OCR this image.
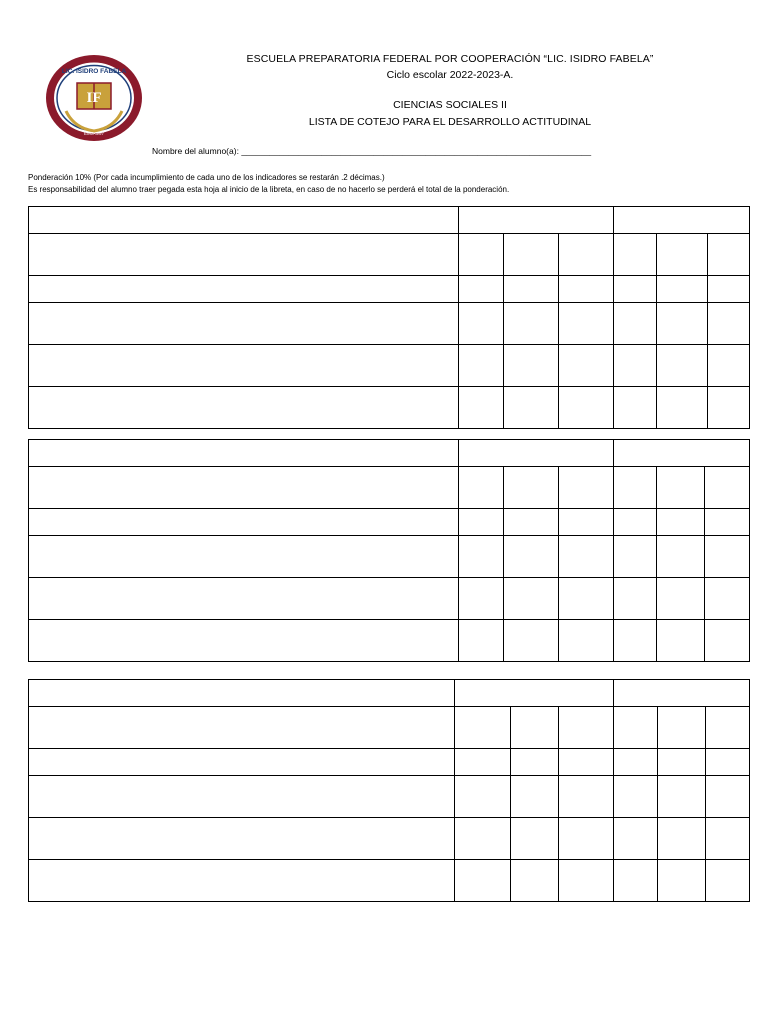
IF
LIC. ISIDRO FABELA
EMS-3/97
ESCUELA PREPARATORIA FEDERAL POR COOPERACIÓN “LIC. ISIDRO FABELA”
Ciclo escolar 2022-2023-A.
CIENCIAS SOCIALES II
LISTA DE COTEJO PARA EL DESARROLLO ACTITUDINAL
Nombre del alumno(a): __________________________________________________________________________
Ponderación 10% (Por cada incumplimiento de cada uno de los indicadores se restarán .2 décimas.)
Es responsabilidad del alumno traer pegada esta hoja al inicio de la libreta, en caso de no hacerlo se perderá el total de la ponderación.
